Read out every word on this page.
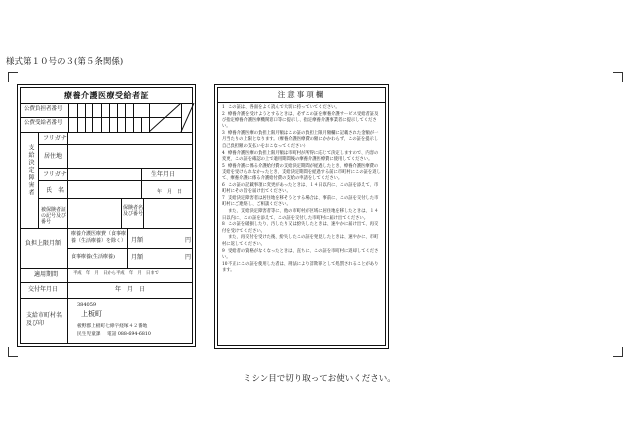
様式第１０号の３(第５条関係)
療養介護医療受給者証
公費負担者番号
公費受給者番号
支給決定障害者
フリガナ
居住地
フリガナ	生年月日
氏　名	年　月　日
被保険者証の記号及び番号
保険者名及び番号
負担上限月額
療養介護医療費（食事療養（生活療養）を除く） 月額	円
食事療養(生活療養)	月額	円
適用期間	平成　年　月　日から平成　年　月　日まで
交付年月日	年　月　日
支給市町村名及び印
384059
上板町
板野郡上板町七條字経塚４２番地
民生児童課 電話 088-694-6810
注意事項欄
1 この証は、各面をよく読んで大切に持っていてください。
2 療養介護を受けようとするときは、必ずこの証を療養介護サービス受給者証及び指定療養介護医療機関窓口等に提示し、指定療養介護事業者に提示してください。
3 療養介護医療の負担上限月額はこの証の負担上限月額欄に記載された金額が一月当たりの上限となります。（療養介護医療費の額にかかわらず、この証を提示し自己負担額の支払いをおこなってください）
4 療養介護医療の負担上限月額は市町村が所得に応じて決定しますので、内容の変更、この証を確認の上で適用期間後の療養介護医療費に使用してください。
5 療養介護に係る介護給付費の支給決定期間が経過したとき、療養介護医療費の支給を受けられなかったとき、支給決定期間を経過する前に市町村にこの証を返して、療養介護に係る介護給付費の支給の申請をしてください。
6 この証の記載事項に変更があったときは、１４日以内に、この証を添えて、市町村にその旨を届け出てください。
7 支給決定障害者は居住地を移そうとする場合は、事前に、この証を交付した市町村にご連絡し、ご相談ください。
また、支給決定障害者等に、他の市町村が区域に居住地を移したときは、１４日以内に、この証を添えて、この証を交付した市町村に届け出てください。
8 この証を破損したり、汚したり又は紛失したときは、速やかに届け出て、再交付を受けてください。
また、再交付を受けた後、紛失したこの証を発見したときは、速やかに、市町村に返してください。
9 受給者の資格がなくなったときは、直ちに、この証を市町村に返却してください。
10不正にこの証を使用した者は、刑法により詐欺罪として処罰されることがあります。
ミシン目で切り取ってお使いください。
